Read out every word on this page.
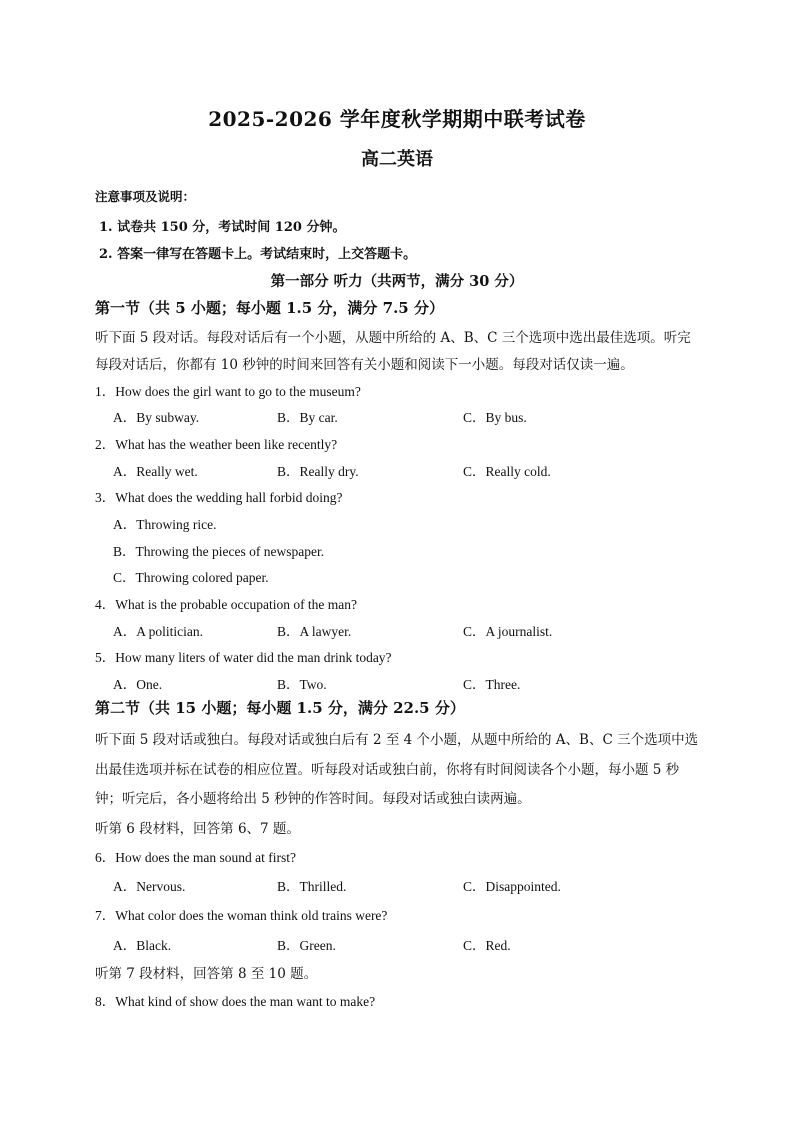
2025-2026 学年度秋学期期中联考试卷
高二英语
注意事项及说明：
1. 试卷共 150 分，考试时间 120 分钟。
2. 答案一律写在答题卡上。考试结束时，上交答题卡。
第一部分 听力（共两节，满分 30 分）
第一节（共 5 小题；每小题 1.5 分，满分 7.5 分）
听下面 5 段对话。每段对话后有一个小题，从题中所给的 A、B、C 三个选项中选出最佳选项。听完
每段对话后，你都有 10 秒钟的时间来回答有关小题和阅读下一小题。每段对话仅读一遍。
1．How does the girl want to go to the museum?
A．By subway.	B．By car.	C．By bus.
2．What has the weather been like recently?
A．Really wet.	B．Really dry.	C．Really cold.
3．What does the wedding hall forbid doing?
A．Throwing rice.
B．Throwing the pieces of newspaper.
C．Throwing colored paper.
4．What is the probable occupation of the man?
A．A politician.	B．A lawyer.	C．A journalist.
5．How many liters of water did the man drink today?
A．One.	B．Two.	C．Three.
第二节（共 15 小题；每小题 1.5 分，满分 22.5 分）
听下面 5 段对话或独白。每段对话或独白后有 2 至 4 个小题，从题中所给的 A、B、C 三个选项中选
出最佳选项并标在试卷的相应位置。听每段对话或独白前，你将有时间阅读各个小题，每小题 5 秒
钟；听完后，各小题将给出 5 秒钟的作答时间。每段对话或独白读两遍。
听第 6 段材料，回答第 6、7 题。
6．How does the man sound at first?
A．Nervous.	B．Thrilled.	C．Disappointed.
7．What color does the woman think old trains were?
A．Black.	B．Green.	C．Red.
听第 7 段材料，回答第 8 至 10 题。
8．What kind of show does the man want to make?
